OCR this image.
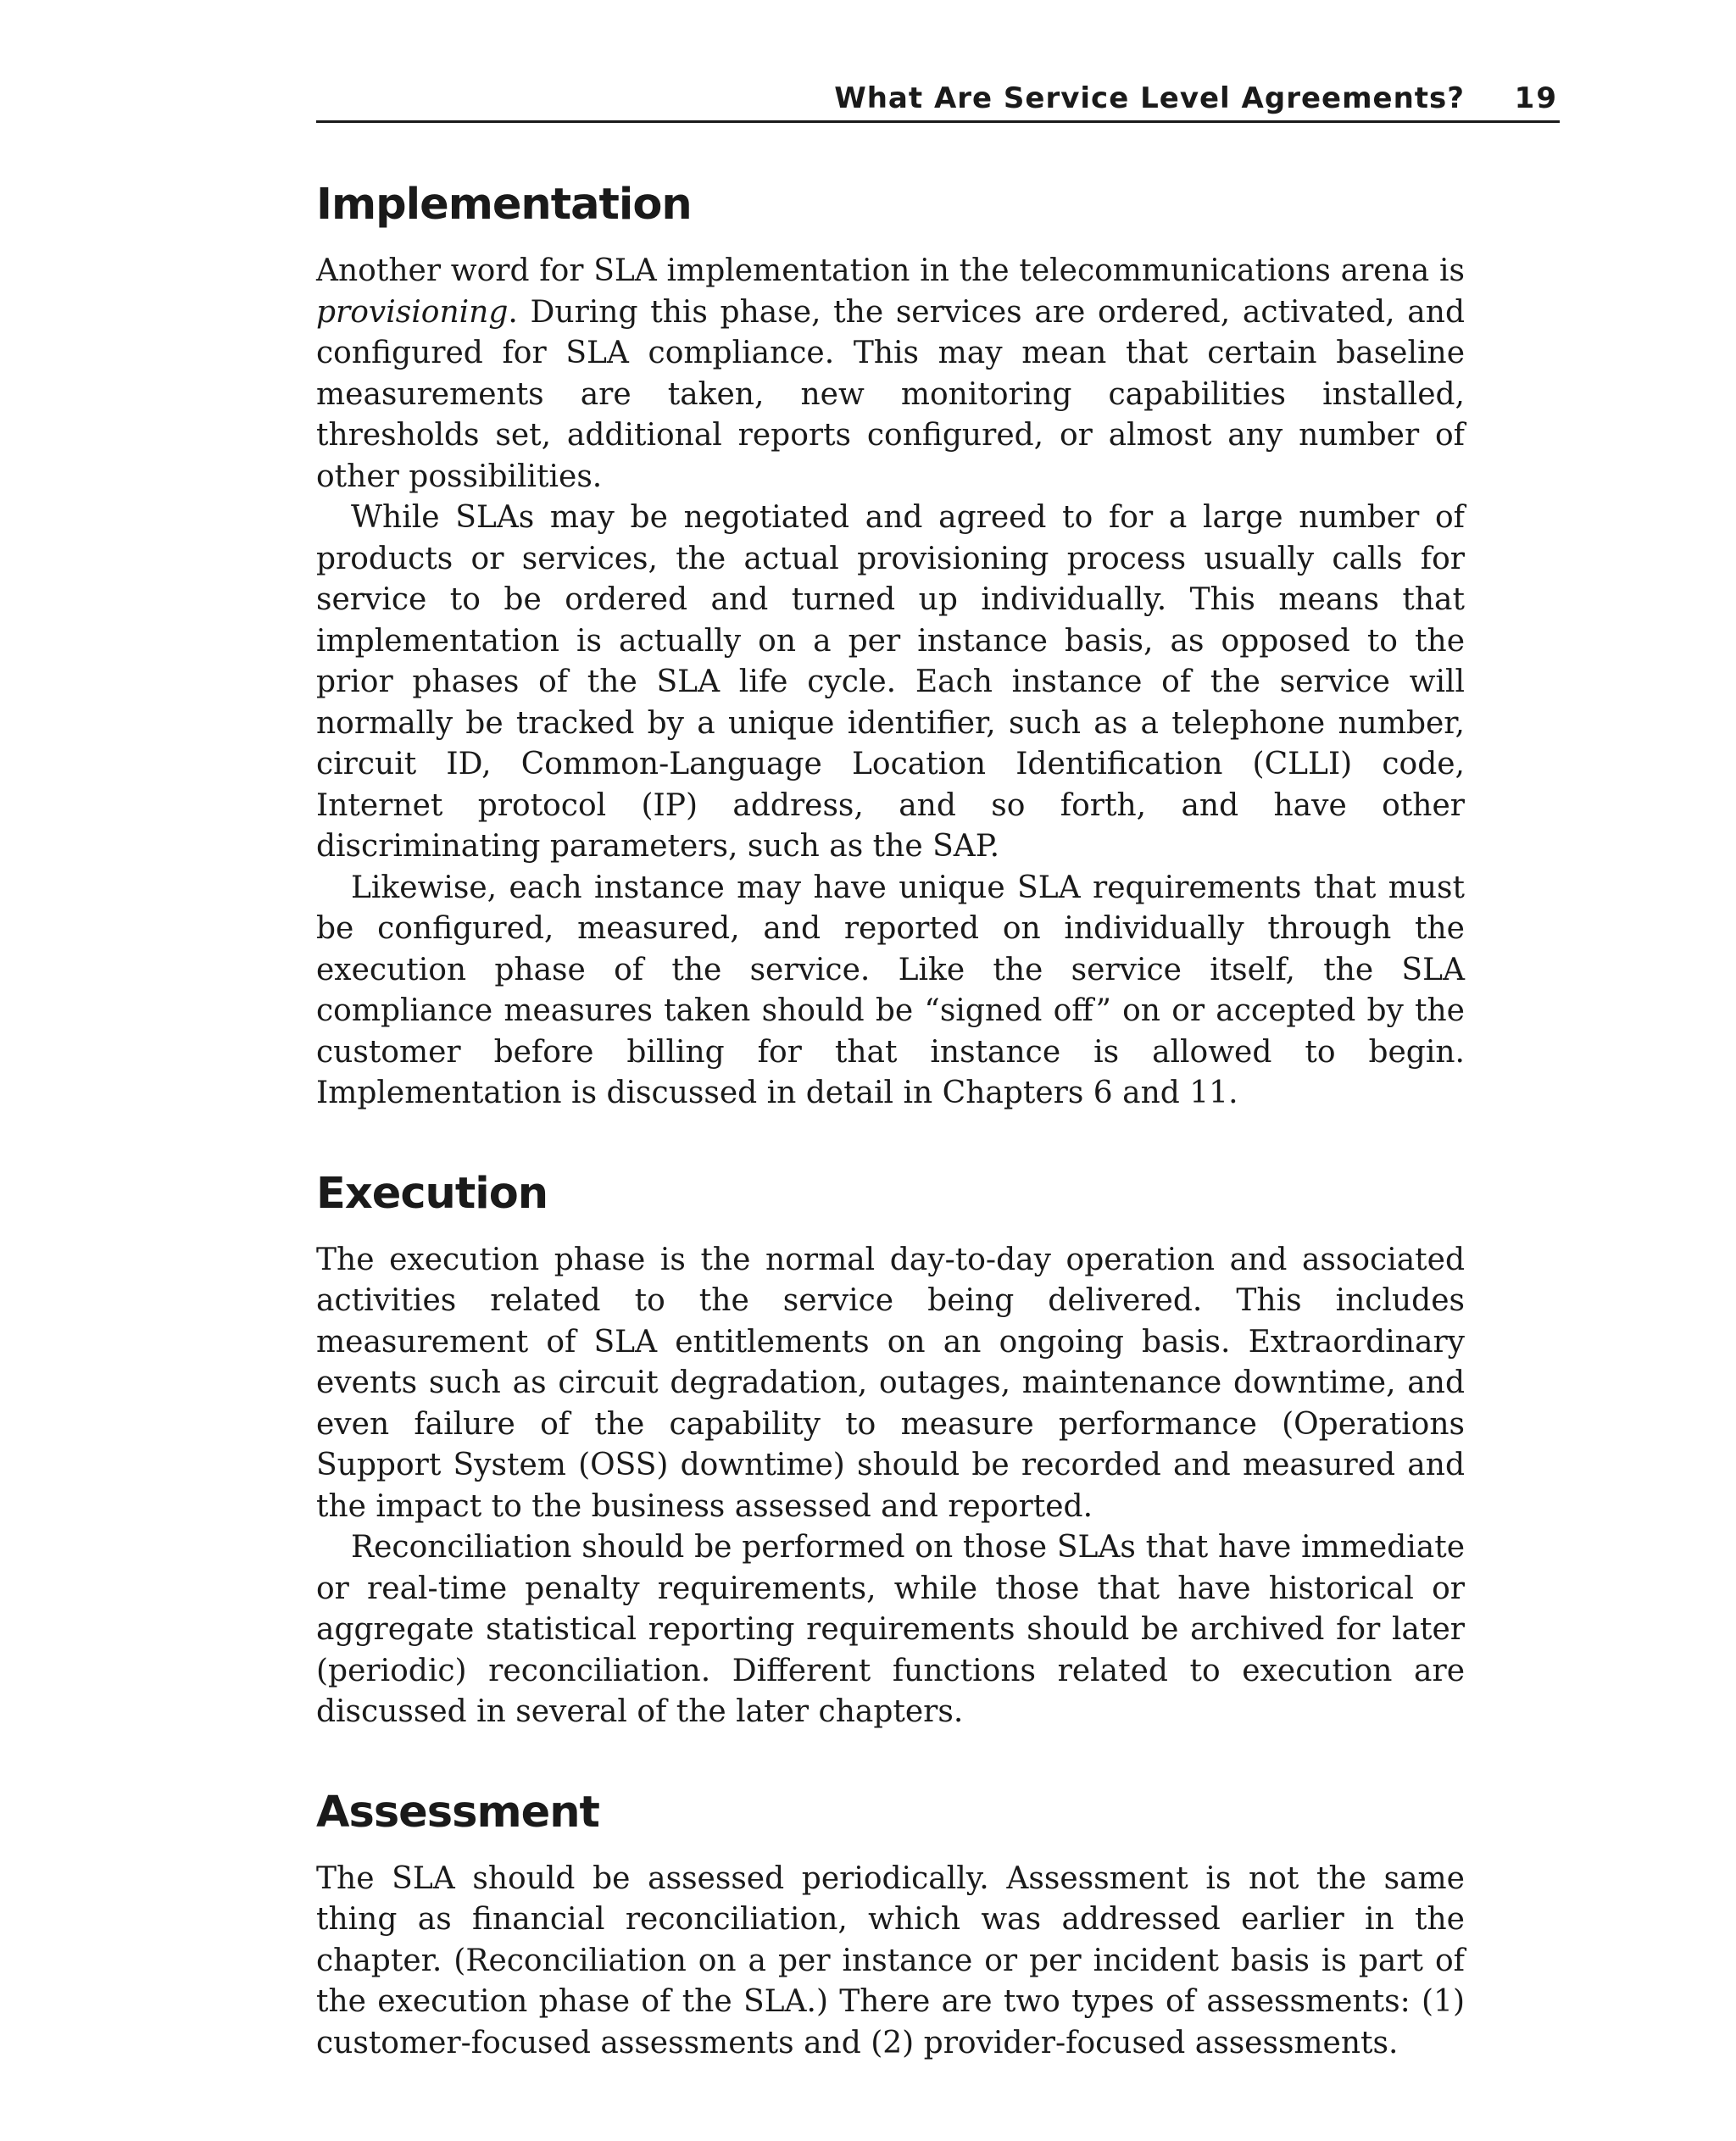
What Are Service Level Agreements? 19
Implementation

Another word for SLA implementation in the telecommunications arena is provisioning. During this phase, the services are ordered, activated, and configured for SLA compliance. This may mean that certain baseline measurements are taken, new monitoring capabilities installed, thresholds set, additional reports configured, or almost any number of other possibilities.

While SLAs may be negotiated and agreed to for a large number of products or services, the actual provisioning process usually calls for service to be ordered and turned up individually. This means that implementation is actually on a per instance basis, as opposed to the prior phases of the SLA life cycle. Each instance of the service will normally be tracked by a unique identifier, such as a telephone number, circuit ID, Common-Language Location Identification (CLLI) code, Internet protocol (IP) address, and so forth, and have other discriminating parameters, such as the SAP.

Likewise, each instance may have unique SLA requirements that must be configured, measured, and reported on individually through the execution phase of the service. Like the service itself, the SLA compliance measures taken should be “signed off” on or accepted by the customer before billing for that instance is allowed to begin. Implementation is discussed in detail in Chapters 6 and 11.

Execution

The execution phase is the normal day-to-day operation and associated activities related to the service being delivered. This includes measurement of SLA entitlements on an ongoing basis. Extraordinary events such as circuit degradation, outages, maintenance downtime, and even failure of the capability to measure performance (Operations Support System (OSS) downtime) should be recorded and measured and the impact to the business assessed and reported.

Reconciliation should be performed on those SLAs that have immediate or real-time penalty requirements, while those that have historical or aggregate statistical reporting requirements should be archived for later (periodic) reconciliation. Different functions related to execution are discussed in several of the later chapters.

Assessment

The SLA should be assessed periodically. Assessment is not the same thing as financial reconciliation, which was addressed earlier in the chapter. (Reconciliation on a per instance or per incident basis is part of the execution phase of the SLA.) There are two types of assessments: (1) customer-focused assessments and (2) provider-focused assessments.
